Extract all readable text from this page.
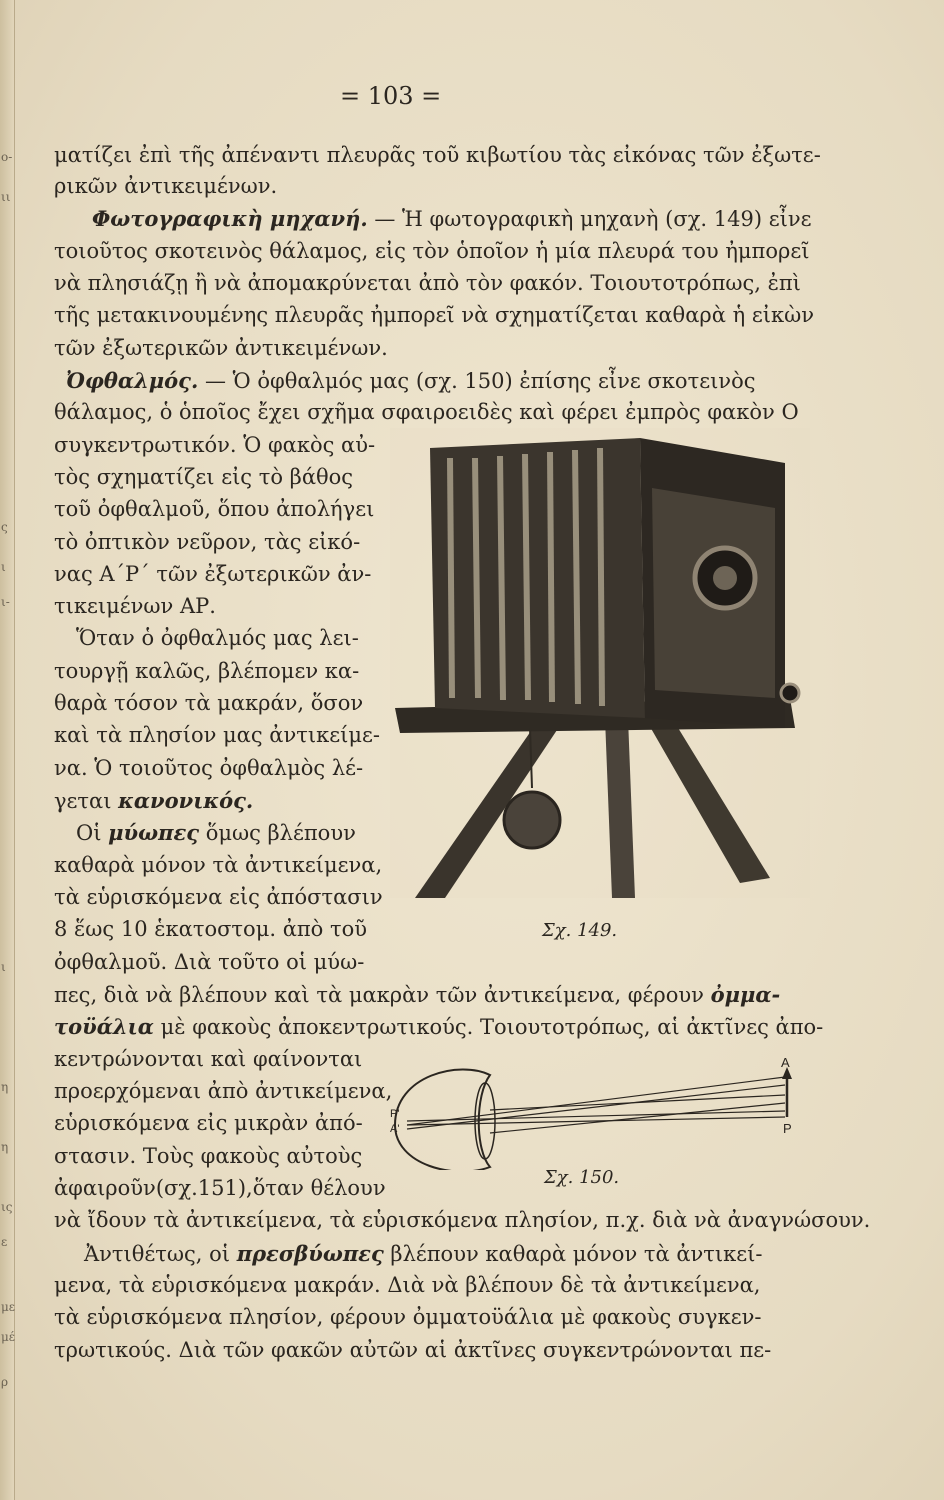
ο-
ιι
ς
ι
ι-
ι
η
η
ις
ε
με
μέ
ρ
= 103 =
ματίζει ἐπὶ τῆς ἀπέναντι πλευρᾶς τοῦ κιβωτίου τὰς εἰκόνας τῶν ἐξωτε-
ρικῶν ἀντικειμένων.
Φωτογραφικὴ μηχανή. — Ἡ φωτογραφικὴ μηχανὴ (σχ. 149) εἶνε
τοιοῦτος σκοτεινὸς θάλαμος, εἰς τὸν ὁποῖον ἡ μία πλευρά του ἠμπορεῖ
νὰ πλησιάζῃ ἢ νὰ ἀπομακρύνεται ἀπὸ τὸν φακόν. Τοιουτοτρόπως, ἐπὶ
τῆς μετακινουμένης πλευρᾶς ἠμπορεῖ νὰ σχηματίζεται καθαρὰ ἡ εἰκὼν
τῶν ἐξωτερικῶν ἀντικειμένων.
Ὀφθαλμός. — Ὁ ὀφθαλμός μας (σχ. 150) ἐπίσης εἶνε σκοτεινὸς
θάλαμος, ὁ ὁποῖος ἔχει σχῆμα σφαιροειδὲς καὶ φέρει ἐμπρὸς φακὸν Ο
συγκεντρωτικόν. Ὁ φακὸς αὐ-
τὸς σχηματίζει εἰς τὸ βάθος
τοῦ ὀφθαλμοῦ, ὅπου ἀπολήγει
τὸ ὀπτικὸν νεῦρον, τὰς εἰκό-
νας Α΄Ρ΄ τῶν ἐξωτερικῶν ἀν-
τικειμένων ΑΡ.
Ὅταν ὁ ὀφθαλμός μας λει-
τουργῇ καλῶς, βλέπομεν κα-
θαρὰ τόσον τὰ μακράν, ὅσον
καὶ τὰ πλησίον μας ἀντικείμε-
να. Ὁ τοιοῦτος ὀφθαλμὸς λέ-
γεται κανονικός.
Οἱ μύωπες ὅμως βλέπουν
καθαρὰ μόνον τὰ ἀντικείμενα,
τὰ εὑρισκόμενα εἰς ἀπόστασιν
8 ἕως 10 ἑκατοστομ. ἀπὸ τοῦ
ὀφθαλμοῦ. Διὰ τοῦτο οἱ μύω-
πες, διὰ νὰ βλέπουν καὶ τὰ μακρὰν τῶν ἀντικείμενα, φέρουν ὀμμα-
τοϋάλια μὲ φακοὺς ἀποκεντρωτικούς. Τοιουτοτρόπως, αἱ ἀκτῖνες ἀπο-
κεντρώνονται καὶ φαίνονται
προερχόμεναι ἀπὸ ἀντικείμενα,
εὑρισκόμενα εἰς μικρὰν ἀπό-
στασιν. Τοὺς φακοὺς αὐτοὺς
ἀφαιροῦν(σχ.151),ὅταν θέλουν
νὰ ἴδουν τὰ ἀντικείμενα, τὰ εὑρισκόμενα πλησίον, π.χ. διὰ νὰ ἀναγνώσουν.
Ἀντιθέτως, οἱ πρεσβύωπες βλέπουν καθαρὰ μόνον τὰ ἀντικεί-
μενα, τὰ εὑρισκόμενα μακράν. Διὰ νὰ βλέπουν δὲ τὰ ἀντικείμενα,
τὰ εὑρισκόμενα πλησίον, φέρουν ὀμματοϋάλια μὲ φακοὺς συγκεν-
τρωτικούς. Διὰ τῶν φακῶν αὐτῶν αἱ ἀκτῖνες συγκεντρώνονται πε-
Σχ. 149.
A
P
P'
A'
Σχ. 150.
